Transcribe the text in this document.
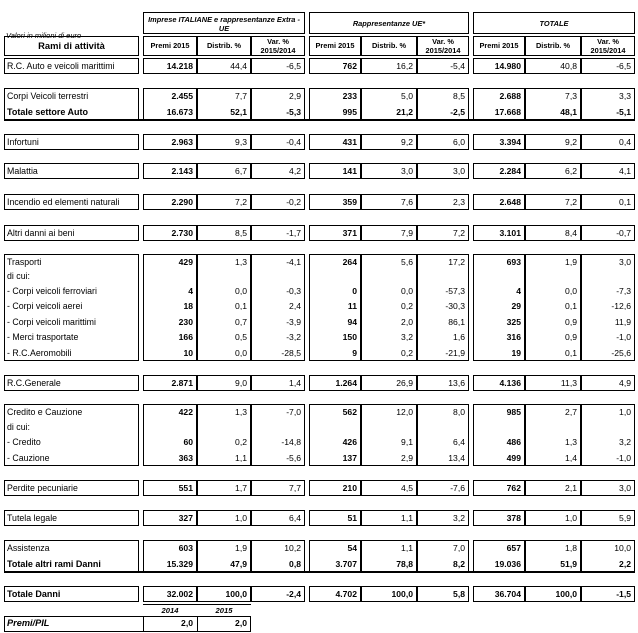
Valori in milioni di euro
Imprese ITALIANE e rappresentanze Extra - UE
Rappresentanze UE*	TOTALE
Rami di attività	Premi 2015	Distrib. %	Var. % 2015/2014
Premi 2015	Distrib. %	Var. % 2015/2014
Premi 2015	Distrib. %	Var. % 2015/2014
R.C. Auto e veicoli marittimi	14.218	44,4	-6,5	762	16,2	-5,4	14.980	40,8	-6,5
Corpi Veicoli terrestri	2.455	7,7	2,9	233	5,0	8,5	2.688	7,3	3,3
Totale settore Auto	16.673	52,1	-5,3	995	21,2	-2,5	17.668	48,1	-5,1
Infortuni	2.963	9,3	-0,4	431	9,2	6,0	3.394	9,2	0,4
Malattia	2.143	6,7	4,2	141	3,0	3,0	2.284	6,2	4,1
Incendio ed elementi naturali	2.290	7,2	-0,2	359	7,6	2,3	2.648	7,2	0,1
Altri danni ai beni	2.730	8,5	-1,7	371	7,9	7,2	3.101	8,4	-0,7
Trasporti	429	1,3	-4,1	264	5,6	17,2	693	1,9	3,0
di cui:
- Corpi veicoli ferroviari	4	0,0	-0,3	0	0,0	-57,3	4	0,0	-7,3
- Corpi veicoli aerei	18	0,1	2,4	11	0,2	-30,3	29	0,1	-12,6
- Corpi veicoli marittimi	230	0,7	-3,9	94	2,0	86,1	325	0,9	11,9
- Merci trasportate	166	0,5	-3,2	150	3,2	1,6	316	0,9	-1,0
- R.C.Aeromobili	10	0,0	-28,5	9	0,2	-21,9	19	0,1	-25,6
R.C.Generale	2.871	9,0	1,4	1.264	26,9	13,6	4.136	11,3	4,9
Credito e Cauzione	422	1,3	-7,0	562	12,0	8,0	985	2,7	1,0
di cui:
- Credito	60	0,2	-14,8	426	9,1	6,4	486	1,3	3,2
- Cauzione	363	1,1	-5,6	137	2,9	13,4	499	1,4	-1,0
Perdite pecuniarie	551	1,7	7,7	210	4,5	-7,6	762	2,1	3,0
Tutela legale	327	1,0	6,4	51	1,1	3,2	378	1,0	5,9
Assistenza	603	1,9	10,2	54	1,1	7,0	657	1,8	10,0
Totale altri rami Danni	15.329	47,9	0,8	3.707	78,8	8,2	19.036	51,9	2,2
Totale Danni	32.002	100,0	-2,4	4.702	100,0	5,8	36.704	100,0	-1,5
2014	2015
Premi/PIL	2,0	2,0
